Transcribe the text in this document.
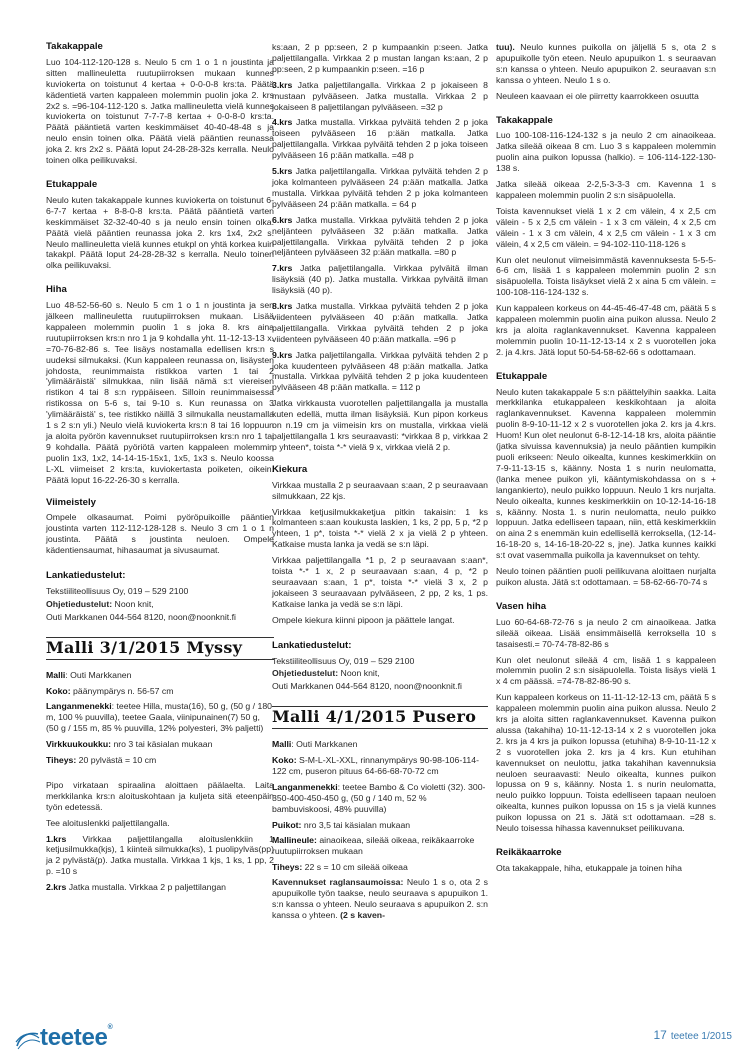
Takakappale

Luo 104-112-120-128 s. Neulo 5 cm 1 o 1 n joustinta ja sitten mallineuletta ruutupiirroksen mukaan kunnes kuviokerta on toistunut 4 kertaa + 0-0-0-8 krs:ta. Päätä kädentietä varten kappaleen molemmin puolin joka 2. krs 2x2 s. =96-104-112-120 s. Jatka mallineuletta vielä kunnes kuviokerta on toistunut 7-7-7-8 kertaa + 0-0-8-0 krs:ta. Päätä pääntietä varten keskimmäiset 40-40-48-48 s ja neulo ensin toinen olka. Päätä vielä pääntien reunassa joka 2. krs 2x2 s. Päätä loput 24-28-28-32s kerralla. Neulo toinen olka peilikuvaksi.

Etukappale

Neulo kuten takakappale kunnes kuviokerta on toistunut 6-6-7-7 kertaa + 8-8-0-8 krs:ta. Päätä pääntietä varten keskimmäiset 32-32-40-40 s ja neulo ensin toinen olka. Päätä vielä pääntien reunassa joka 2. krs 1x4, 2x2 s. Neulo mallineuletta vielä kunnes etukpl on yhtä korkea kuin takakpl. Päätä loput 24-28-28-32 s kerralla. Neulo toinen olka peilikuvaksi.

Hiha

Luo 48-52-56-60 s. Neulo 5 cm 1 o 1 n joustinta ja sen jälkeen mallineuletta ruutupiirroksen mukaan. Lisää kappaleen molemmin puolin 1 s joka 8. krs aina ruutupiirroksen krs:n nro 1 ja 9 kohdalla yht. 11-12-13-13 x. =70-76-82-86 s. Tee lisäys nostamalla edellisen krs:n s uudeksi silmukaksi. (Kun kappaleen reunassa on, lisäysten johdosta, reunimmaista ristikkoa varten 1 tai 2 'ylimääräistä' silmukkaa, niin lisää nämä s:t viereisen ristikon 4 tai 8 s:n ryppäiseen. Silloin reunimmaisessa ristikossa on 5-6 s, tai 9-10 s. Kun reunassa on 3 'ylimääräistä' s, tee ristikko näillä 3 silmukalla neustamalla 1 s 2 s:n yli.) Neulo vielä kuviokerta krs:n 8 tai 16 loppuun ja aloita pyörön kavennukset ruutupiirroksen krs:n nro 1 tai 9 kohdalla. Päätä pyöriötä varten kappaleen molemmin puolin 1x3, 1x2, 14-14-15-15x1, 1x5, 1x3 s. Neulo koossa L-XL viimeiset 2 krs:ta, kuviokertasta poiketen, oikein. Päätä loput 16-22-26-30 s kerralla.

Viimeistely

Ompele olkasaumat. Poimi pyöröpuikoille pääntien joustinta varten 112-112-128-128 s. Neulo 3 cm 1 o 1 n joustinta. Päätä s joustinta neuloen. Ompele kädentiensaumat, hihasaumat ja sivusaumat.

Lankatiedustelut:

Tekstiiliteollisuus Oy, 019 – 529 2100

Ohjetiedustelut: Noon knit,

Outi Markkanen 044-564 8120, noon@noonknit.fi

Malli 3/1/2015 Myssy

Malli: Outi Markkanen

Koko: päänympärys n. 56-57 cm

Langanmenekki: teetee Hilla, musta(16), 50 g, (50 g / 180 m, 100 % puuvilla), teetee Gaala, viinipunainen(7) 50 g, (50 g / 155 m, 85 % puuvilla, 12% polyesteri, 3% paljetti)

Virkkuukoukku: nro 3 tai käsialan mukaan

Tiheys: 20 pylvästä = 10 cm

Pipo virkataan spiraalina aloittaen päälaelta. Laita merkkilanka krs:n aloituskohtaan ja kuljeta sitä eteenpäin työn edetessä.

Tee aloituslenkki paljettilangalla.

1.krs Virkkaa paljettilangalla aloituslenkkiin 1 ketjusilmukka(kjs), 1 kiinteä silmukka(ks), 1 puolipylväs(pp) ja 2 pylvästä(p). Jatka mustalla. Virkkaa 1 kjs, 1 ks, 1 pp, 2 p. =10 s

2.krs Jatka mustalla. Virkkaa 2 p paljettilangan

ks:aan, 2 p pp:seen, 2 p kumpaankin p:seen. Jatka paljettilangalla. Virkkaa 2 p mustan langan ks:aan, 2 p pp:seen, 2 p kumpaankin p:seen. =16 p

3.krs Jatka paljettilangalla. Virkkaa 2 p jokaiseen 8 mustaan pylvääseen. Jatka mustalla. Virkkaa 2 p jokaiseen 8 paljettilangan pylvääseen. =32 p

4.krs Jatka mustalla. Virkkaa pylväitä tehden 2 p joka toiseen pylvääseen 16 p:ään matkalla. Jatka paljettilangalla. Virkkaa pylväitä tehden 2 p joka toiseen pylvääseen 16 p:ään matkalla. =48 p

5.krs Jatka paljettilangalla. Virkkaa pylväitä tehden 2 p joka kolmanteen pylvääseen 24 p:ään matkalla. Jatka mustalla. Virkkaa pylväitä tehden 2 p joka kolmanteen pylvääseen 24 p:ään matkalla. = 64 p

6.krs Jatka mustalla. Virkkaa pylväitä tehden 2 p joka neljänteen pylvääseen 32 p:ään matkalla. Jatka paljettilangalla. Virkkaa pylväitä tehden 2 p joka neljänteen pylvääseen 32 p:ään matkalla. =80 p

7.krs Jatka paljettilangalla. Virkkaa pylväitä ilman lisäyksiä (40 p). Jatka mustalla. Virkkaa pylväitä ilman lisäyksiä (40 p).

8.krs Jatka mustalla. Virkkaa pylväitä tehden 2 p joka viidenteen pylvääseen 40 p:ään matkalla. Jatka paljettilangalla. Virkkaa pylväitä tehden 2 p joka viidenteen pylvääseen 40 p:ään matkalla. =96 p

9.krs Jatka paljettilangalla. Virkkaa pylväitä tehden 2 p joka kuudenteen pylvääseen 48 p:ään matkalla. Jatka mustalla. Virkkaa pylväitä tehden 2 p joka kuudenteen pylvääseen 48 p:ään matkalla. = 112 p

Jatka virkkausta vuorotellen paljettilangalla ja mustalla kuten edellä, mutta ilman lisäyksiä. Kun pipon korkeus on n.19 cm ja viimeisin krs on mustalla, virkkaa vielä paljettilangalla 1 krs seuraavasti: *virkkaa 8 p, virkkaa 2 p yhteen*, toista *-* vielä 9 x, virkkaa vielä 2 p.

Kiekura

Virkkaa mustalla 2 p seuraavaan s:aan, 2 p seuraavaan silmukkaan, 22 kjs.

Virkkaa ketjusilmukkaketjua pitkin takaisin: 1 ks kolmanteen s:aan koukusta laskien, 1 ks, 2 pp, 5 p, *2 p yhteen, 1 p*, toista *-* vielä 2 x ja vielä 2 p yhteen. Katkaise musta lanka ja vedä se s:n läpi.

Virkkaa paljettilangalla *1 p, 2 p seuraavaan s:aan*, toista *-* 1 x, 2 p seuraavaan s:aan, 4 p, *2 p seuraavaan s:aan, 1 p*, toista *-* vielä 3 x, 2 p jokaiseen 3 seuraavaan pylvääseen, 2 pp, 2 ks, 1 ps. Katkaise lanka ja vedä se s:n läpi.

Ompele kiekura kiinni pipoon ja päättele langat.

Lankatiedustelut:

Tekstiiliteollisuus Oy, 019 – 529 2100

Ohjetiedustelut: Noon knit,

Outi Markkanen 044-564 8120, noon@noonknit.fi

Malli 4/1/2015 Pusero

Malli: Outi Markkanen

Koko: S-M-L-XL-XXL, rinnanympärys 90-98-106-114-122 cm, puseron pituus 64-66-68-70-72 cm

Langanmenekki: teetee Bambo & Co violetti (32). 300-350-400-450-450 g, (50 g / 140 m, 52 % bambuviskoosi, 48% puuvilla)

Puikot: nro 3,5 tai käsialan mukaan

Mallineule: ainaoikeaa, sileää oikeaa, reikäkaarroke ruutupiirroksen mukaan

Tiheys: 22 s = 10 cm sileää oikeaa

Kavennukset raglansaumoissa: Neulo 1 s o, ota 2 s apupuikolle työn taakse, neulo seuraava s apupuikon 1. s:n kanssa o yhteen. Neulo seuraava s apupuikon 2. s:n kanssa o yhteen. (2 s kaven-

tuu). Neulo kunnes puikolla on jäljellä 5 s, ota 2 s apupuikolle työn eteen. Neulo apupuikon 1. s seuraavan s:n kanssa o yhteen. Neulo apupuikon 2. seuraavan s:n kanssa o yhteen. Neulo 1 s o.

Neuleen kaavaan ei ole piirretty kaarrokkeen osuutta

Takakappale

Luo 100-108-116-124-132 s ja neulo 2 cm ainaoikeaa. Jatka sileää oikeaa 8 cm. Luo 3 s kappaleen molemmin puolin aina puikon lopussa (halkio). = 106-114-122-130-138 s.

Jatka sileää oikeaa 2-2,5-3-3-3 cm. Kavenna 1 s kappaleen molemmin puolin 2 s:n sisäpuolella.

Toista kavennukset vielä 1 x 2 cm välein, 4 x 2,5 cm välein - 5 x 2,5 cm välein - 1 x 3 cm välein, 4 x 2,5 cm välein - 1 x 3 cm välein, 4 x 2,5 cm välein - 1 x 3 cm välein, 4 x 2,5 cm välein. = 94-102-110-118-126 s

Kun olet neulonut viimeisimmästä kavennuksesta 5-5-5-6-6 cm, lisää 1 s kappaleen molemmin puolin 2 s:n sisäpuolella. Toista lisäykset vielä 2 x aina 5 cm välein. = 100-108-116-124-132 s.

Kun kappaleen korkeus on 44-45-46-47-48 cm, päätä 5 s kappaleen molemmin puolin aina puikon alussa. Neulo 2 krs ja aloita raglankavennukset. Kavenna kappaleen molemmin puolin 10-11-12-13-14 x 2 s vuorotellen joka 2. ja 4.krs. Jätä loput 50-54-58-62-66 s odottamaan.

Etukappale

Neulo kuten takakappale 5 s:n päättelyihin saakka. Laita merkkilanka etukappaleen keskikohtaan ja aloita raglankavennukset. Kavenna kappaleen molemmin puolin 8-9-10-11-12 x 2 s vuorotellen joka 2. krs ja 4.krs. Huom! Kun olet neulonut 6-8-12-14-18 krs, aloita pääntie (jatka sivuissa kavennuksia) ja neulo pääntien kumpikin puoli erikseen: Neulo oikealta, kunnes keskimerkkiin on 7-9-11-13-15 s, käänny. Nosta 1 s nurin neulomatta, (lanka menee puikon yli, kääntymiskohdassa on s + langankierto), neulo puikko loppuun. Neulo 1 krs nurjalta. Neulo oikealta, kunnes keskimerkkiin on 10-12-14-16-18 s, käänny. Nosta 1. s nurin neulomatta, neulo puikko loppuun. Jatka edelliseen tapaan, niin, että keskimerkkiin on aina 2 s enemmän kuin edellisellä kerroksella, (12-14-16-18-20 s, 14-16-18-20-22 s, jne). Jatka kunnes kaikki s:t ovat vasemmalla puikolla ja kavennukset on tehty.

Neulo toinen pääntien puoli peilikuvana aloittaen nurjalta puikon alusta. Jätä s:t odottamaan. = 58-62-66-70-74 s

Vasen hiha

Luo 60-64-68-72-76 s ja neulo 2 cm ainaoikeaa. Jatka sileää oikeaa. Lisää ensimmäisellä kerroksella 10 s tasaisesti.= 70-74-78-82-86 s

Kun olet neulonut sileää 4 cm, lisää 1 s kappaleen molemmin puolin 2 s:n sisäpuolella. Toista lisäys vielä 1 x 4 cm päässä. =74-78-82-86-90 s.

Kun kappaleen korkeus on 11-11-12-12-13 cm, päätä 5 s kappaleen molemmin puolin aina puikon alussa. Neulo 2 krs ja aloita sitten raglankavennukset. Kavenna puikon alussa (takahiha) 10-11-12-13-14 x 2 s vuorotellen joka 2. krs ja 4 krs ja puikon lopussa (etuhiha) 8-9-10-11-12 x 2 s vuorotellen joka 2. krs ja 4 krs. Kun etuhihan kavennukset on neulottu, jatka takahihan kavennuksia neuloen seuraavasti: Neulo oikealta, kunnes puikon lopussa on 9 s, käänny. Nosta 1. s nurin neulomatta, neulo puikko loppuun. Toista edelliseen tapaan neuloen oikealta, kunnes puikon lopussa on 15 s ja vielä kunnes puikon lopussa on 21 s. Jätä s:t odottamaan. =28 s. Neulo toisessa hihassa kavennukset peilikuvana.

Reikäkaarroke

Ota takakappale, hiha, etukappale ja toinen hiha

teetee®
17 teetee 1/2015
